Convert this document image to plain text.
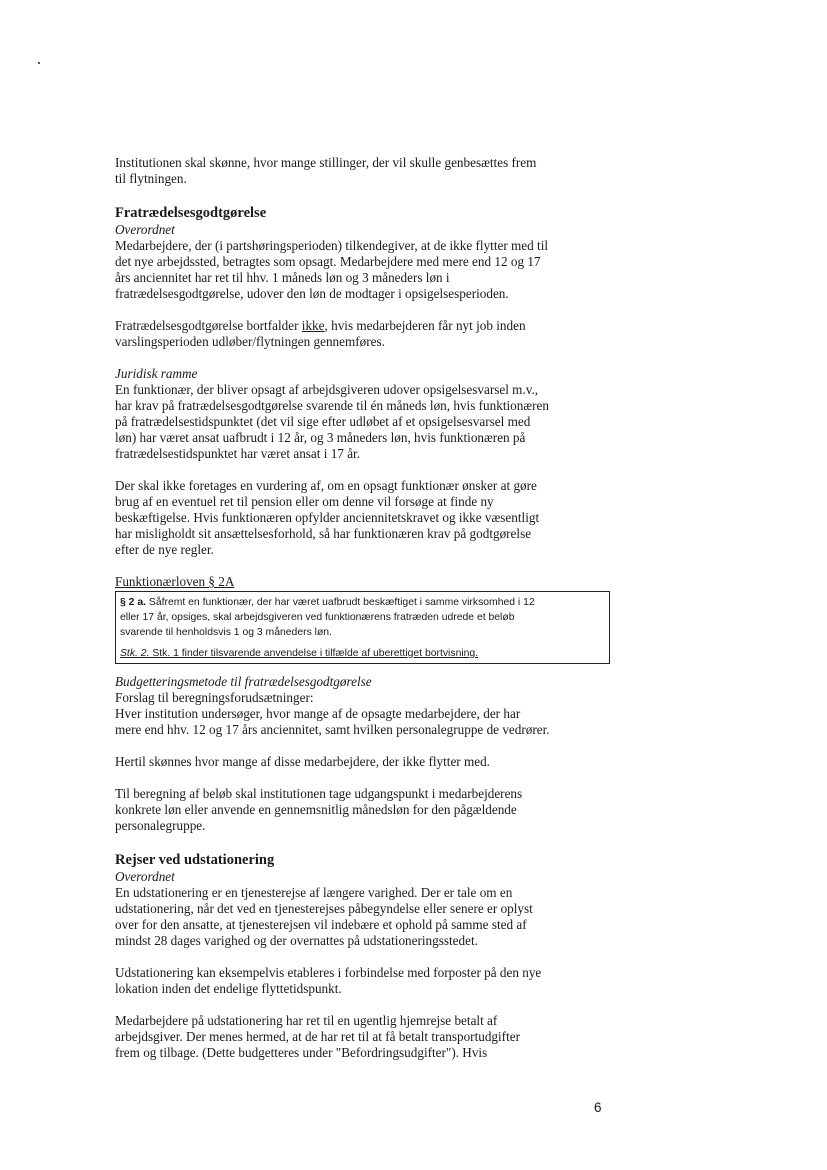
Institutionen skal skønne, hvor mange stillinger, der vil skulle genbesættes frem

til flytningen.

Fratrædelsesgodtgørelse

Overordnet

Medarbejdere, der (i partshøringsperioden) tilkendegiver, at de ikke flytter med til

det nye arbejdssted, betragtes som opsagt. Medarbejdere med mere end 12 og 17

års anciennitet har ret til hhv. 1 måneds løn og 3 måneders løn i

fratrædelsesgodtgørelse, udover den løn de modtager i opsigelsesperioden.

Fratrædelsesgodtgørelse bortfalder ikke, hvis medarbejderen får nyt job inden

varslingsperioden udløber/flytningen gennemføres.

Juridisk ramme

En funktionær, der bliver opsagt af arbejdsgiveren udover opsigelsesvarsel m.v.,

har krav på fratrædelsesgodtgørelse svarende til én måneds løn, hvis funktionæren

på fratrædelsestidspunktet (det vil sige efter udløbet af et opsigelsesvarsel med

løn) har været ansat uafbrudt i 12 år, og 3 måneders løn, hvis funktionæren på

fratrædelsestidspunktet har været ansat i 17 år.

Der skal ikke foretages en vurdering af, om en opsagt funktionær ønsker at gøre

brug af en eventuel ret til pension eller om denne vil forsøge at finde ny

beskæftigelse. Hvis funktionæren opfylder anciennitetskravet og ikke væsentligt

har misligholdt sit ansættelsesforhold, så har funktionæren krav på godtgørelse

efter de nye regler.

Funktionærloven § 2A

§ 2 a. Såfremt en funktionær, der har været uafbrudt beskæftiget i samme virksomhed i 12
eller 17 år, opsiges, skal arbejdsgiveren ved funktionærens fratræden udrede et beløb
svarende til henholdsvis 1 og 3 måneders løn.
Stk. 2. Stk. 1 finder tilsvarende anvendelse i tilfælde af uberettiget bortvisning.

Budgetteringsmetode til fratrædelsesgodtgørelse

Forslag til beregningsforudsætninger:

Hver institution undersøger, hvor mange af de opsagte medarbejdere, der har

mere end hhv. 12 og 17 års anciennitet, samt hvilken personalegruppe de vedrører.

Hertil skønnes hvor mange af disse medarbejdere, der ikke flytter med.

Til beregning af beløb skal institutionen tage udgangspunkt i medarbejderens

konkrete løn eller anvende en gennemsnitlig månedsløn for den pågældende

personalegruppe.

Rejser ved udstationering

Overordnet

En udstationering er en tjenesterejse af længere varighed. Der er tale om en

udstationering, når det ved en tjenesterejses påbegyndelse eller senere er oplyst

over for den ansatte, at tjenesterejsen vil indebære et ophold på samme sted af

mindst 28 dages varighed og der overnattes på udstationeringsstedet.

Udstationering kan eksempelvis etableres i forbindelse med forposter på den nye

lokation inden det endelige flyttetidspunkt.

Medarbejdere på udstationering har ret til en ugentlig hjemrejse betalt af

arbejdsgiver. Der menes hermed, at de har ret til at få betalt transportudgifter

frem og tilbage. (Dette budgetteres under "Befordringsudgifter"). Hvis

6
